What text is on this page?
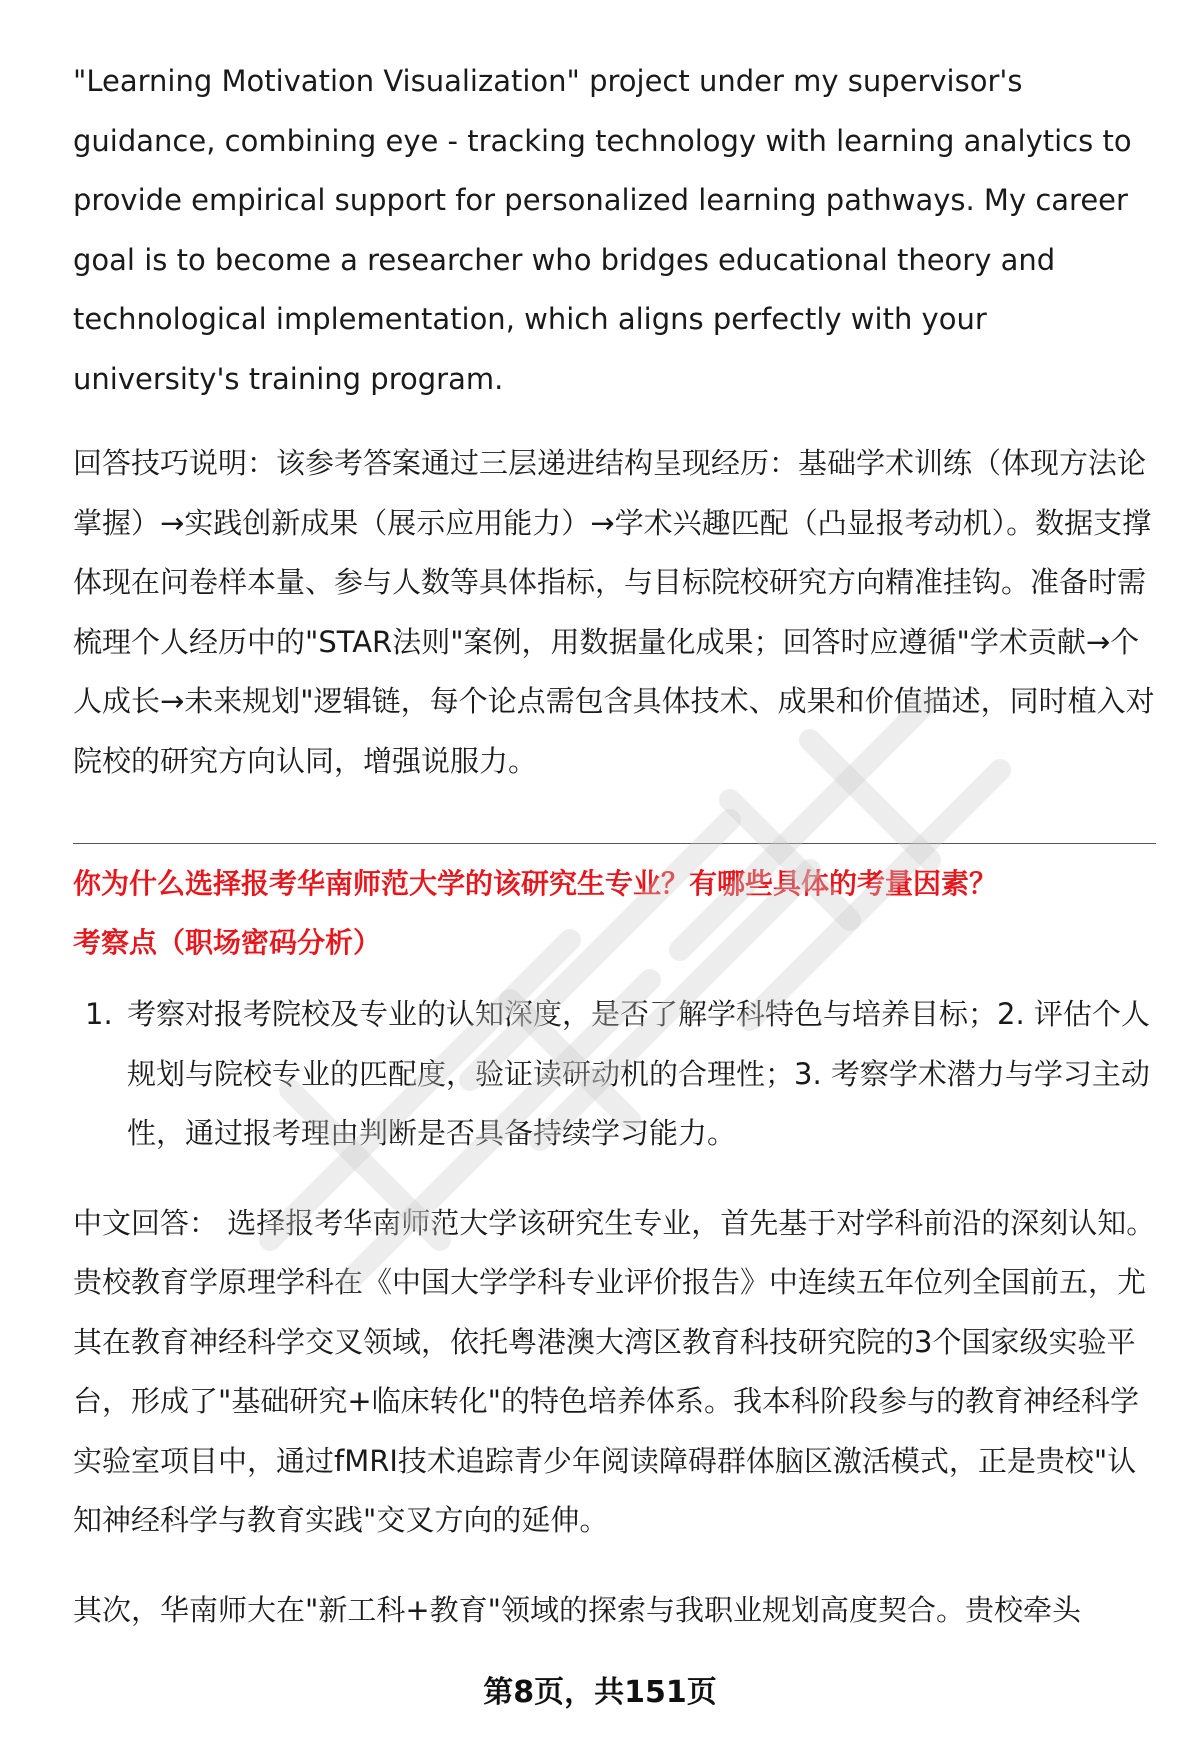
"Learning Motivation Visualization" project under my supervisor's guidance, combining eye - tracking technology with learning analytics to provide empirical support for personalized learning pathways. My career goal is to become a researcher who bridges educational theory and technological implementation, which aligns perfectly with your university's training program.

回答技巧说明：该参考答案通过三层递进结构呈现经历：基础学术训练（体现方法论掌握）→实践创新成果（展示应用能力）→学术兴趣匹配（凸显报考动机）。数据支撑体现在问卷样本量、参与人数等具体指标，与目标院校研究方向精准挂钩。准备时需梳理个人经历中的"STAR法则"案例，用数据量化成果；回答时应遵循"学术贡献→个人成长→未来规划"逻辑链，每个论点需包含具体技术、成果和价值描述，同时植入对院校的研究方向认同，增强说服力。

你为什么选择报考华南师范大学的该研究生专业？有哪些具体的考量因素？
考察点（职场密码分析）
1. 考察对报考院校及专业的认知深度，是否了解学科特色与培养目标；2. 评估个人规划与院校专业的匹配度，验证读研动机的合理性；3. 考察学术潜力与学习主动性，通过报考理由判断是否具备持续学习能力。

中文回答： 选择报考华南师范大学该研究生专业，首先基于对学科前沿的深刻认知。贵校教育学原理学科在《中国大学学科专业评价报告》中连续五年位列全国前五，尤其在教育神经科学交叉领域，依托粤港澳大湾区教育科技研究院的3个国家级实验平台，形成了"基础研究+临床转化"的特色培养体系。我本科阶段参与的教育神经科学实验室项目中，通过fMRI技术追踪青少年阅读障碍群体脑区激活模式，正是贵校"认知神经科学与教育实践"交叉方向的延伸。

其次，华南师大在"新工科+教育"领域的探索与我职业规划高度契合。贵校牵头

第8页，共151页
